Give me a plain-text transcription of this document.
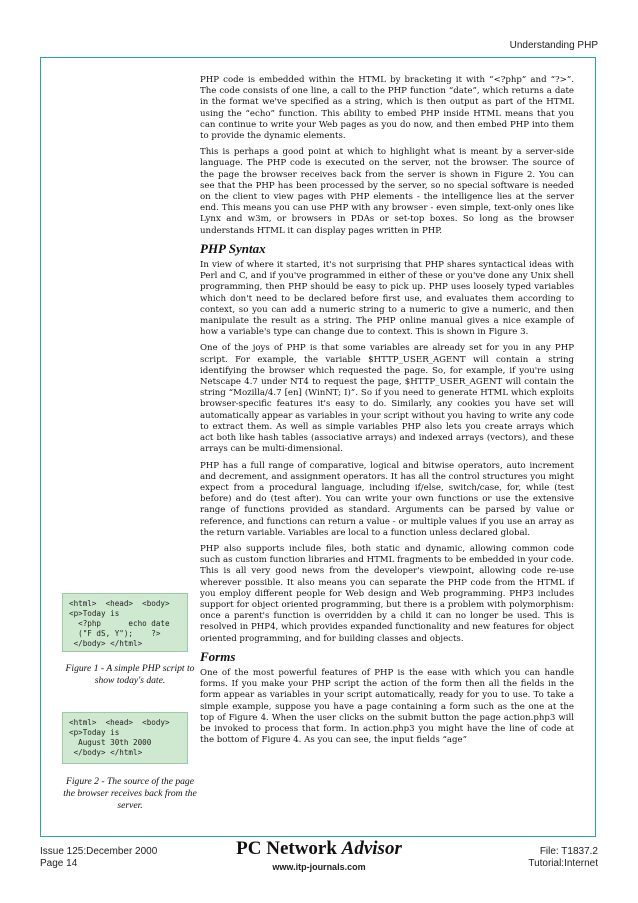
Understanding PHP

PHP code is embedded within the HTML by bracketing it with “<?php” and “?>”. The code consists of one line, a call to the PHP function “date”, which returns a date in the format we've specified as a string, which is then output as part of the HTML using the “echo” function. This ability to embed PHP inside HTML means that you can continue to write your Web pages as you do now, and then embed PHP into them to provide the dynamic elements.

This is perhaps a good point at which to highlight what is meant by a server-side language. The PHP code is executed on the server, not the browser. The source of the page the browser receives back from the server is shown in Figure 2. You can see that the PHP has been processed by the server, so no special software is needed on the client to view pages with PHP elements - the intelligence lies at the server end. This means you can use PHP with any browser - even simple, text-only ones like Lynx and w3m, or browsers in PDAs or set-top boxes. So long as the browser understands HTML it can display pages written in PHP.

PHP Syntax

In view of where it started, it's not surprising that PHP shares syntactical ideas with Perl and C, and if you've programmed in either of these or you've done any Unix shell programming, then PHP should be easy to pick up. PHP uses loosely typed variables which don't need to be declared before first use, and evaluates them according to context, so you can add a numeric string to a numeric to give a numeric, and then manipulate the result as a string. The PHP online manual gives a nice example of how a variable's type can change due to context. This is shown in Figure 3.

One of the joys of PHP is that some variables are already set for you in any PHP script. For example, the variable $HTTP_USER_AGENT will contain a string identifying the browser which requested the page. So, for example, if you're using Netscape 4.7 under NT4 to request the page, $HTTP_USER_AGENT will contain the string “Mozilla/4.7 [en] (WinNT; I)”. So if you need to generate HTML which exploits browser-specific features it's easy to do. Similarly, any cookies you have set will automatically appear as variables in your script without you having to write any code to extract them. As well as simple variables PHP also lets you create arrays which act both like hash tables (associative arrays) and indexed arrays (vectors), and these arrays can be multi-dimensional.

PHP has a full range of comparative, logical and bitwise operators, auto increment and decrement, and assignment operators. It has all the control structures you might expect from a procedural language, including if/else, switch/case, for, while (test before) and do (test after). You can write your own functions or use the extensive range of functions provided as standard. Arguments can be parsed by value or reference, and functions can return a value - or multiple values if you use an array as the return variable. Variables are local to a function unless declared global.

PHP also supports include files, both static and dynamic, allowing common code such as custom function libraries and HTML fragments to be embedded in your code. This is all very good news from the developer's viewpoint, allowing code re-use wherever possible. It also means you can separate the PHP code from the HTML if you employ different people for Web design and Web programming. PHP3 includes support for object oriented programming, but there is a problem with polymorphism: once a parent's function is overridden by a child it can no longer be used. This is resolved in PHP4, which provides expanded functionality and new features for object oriented programming, and for building classes and objects.

Forms

One of the most powerful features of PHP is the ease with which you can handle forms. If you make your PHP script the action of the form then all the fields in the form appear as variables in your script automatically, ready for you to use. To take a simple example, suppose you have a page containing a form such as the one at the top of Figure 4. When the user clicks on the submit button the page action.php3 will be invoked to process that form. In action.php3 you might have the line of code at the bottom of Figure 4. As you can see, the input fields “age”

<html>  <head>  <body>
<p>Today is
<?php      echo date
("F dS, Y");    ?>
</body> </html>
Figure 1 - A simple PHP script to show today's date.
<html>  <head>  <body>
<p>Today is
August 30th 2000
</body> </html>
Figure 2 - The source of the page the browser receives back from the server.
Issue 125:December 2000
Page 14
PC Network Advisor
www.itp-journals.com
File: T1837.2
Tutorial:Internet
